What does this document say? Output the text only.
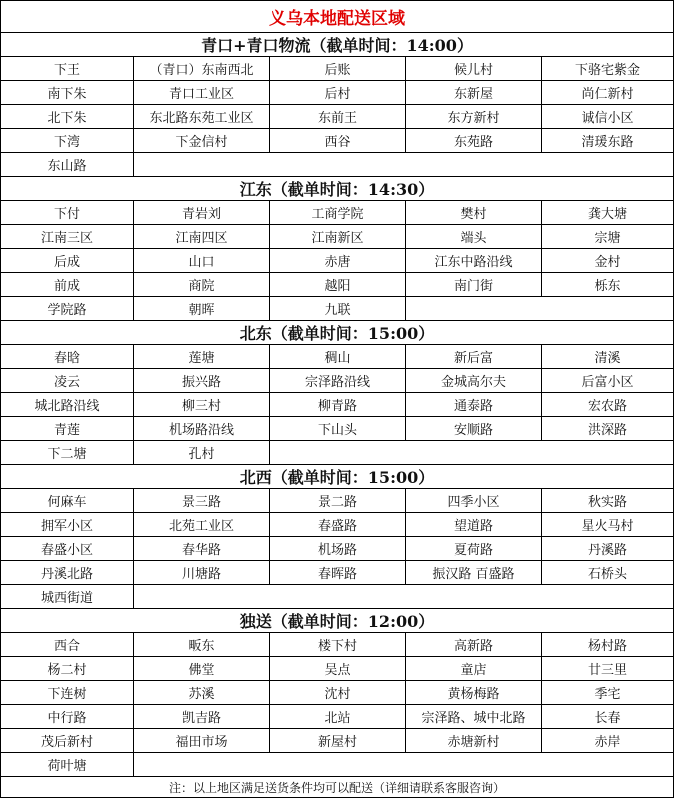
义乌本地配送区域				
青口+青口物流（截单时间：14:00）				
下王	（青口）东南西北	后账	候儿村	下骆宅紫金
南下朱	青口工业区	后村	东新屋	尚仁新村
北下朱	东北路东苑工业区	东前王	东方新村	诚信小区
下湾	下金信村	西谷	东苑路	清瑗东路
东山路				
江东（截单时间：14:30）				
下付	青岩刘	工商学院	樊村	龚大塘
江南三区	江南四区	江南新区	端头	宗塘
后成	山口	赤唐	江东中路沿线	金村
前成	商院	越阳	南门街	栎东
学院路	朝晖	九联		
北东（截单时间：15:00）				
春晗	莲塘	稠山	新后富	清溪
凌云	振兴路	宗泽路沿线	金城高尔夫	后富小区
城北路沿线	柳三村	柳青路	通泰路	宏农路
青莲	机场路沿线	下山头	安顺路	洪深路
下二塘	孔村			
北西（截单时间：15:00）				
何麻车	景三路	景二路	四季小区	秋实路
拥军小区	北苑工业区	春盛路	望道路	星火马村
春盛小区	春华路	机场路	夏荷路	丹溪路
丹溪北路	川塘路	春晖路	振汉路 百盛路	石桥头
城西街道				
独送（截单时间：12:00）				
西合	畈东	楼下村	高新路	杨村路
杨二村	佛堂	吴点	童店	廿三里
下连树	苏溪	沈村	黄杨梅路	季宅
中行路	凯吉路	北站	宗泽路、城中北路	长春
茂后新村	福田市场	新屋村	赤塘新村	赤岸
荷叶塘				
注：以上地区满足送货条件均可以配送（详细请联系客服咨询）				
